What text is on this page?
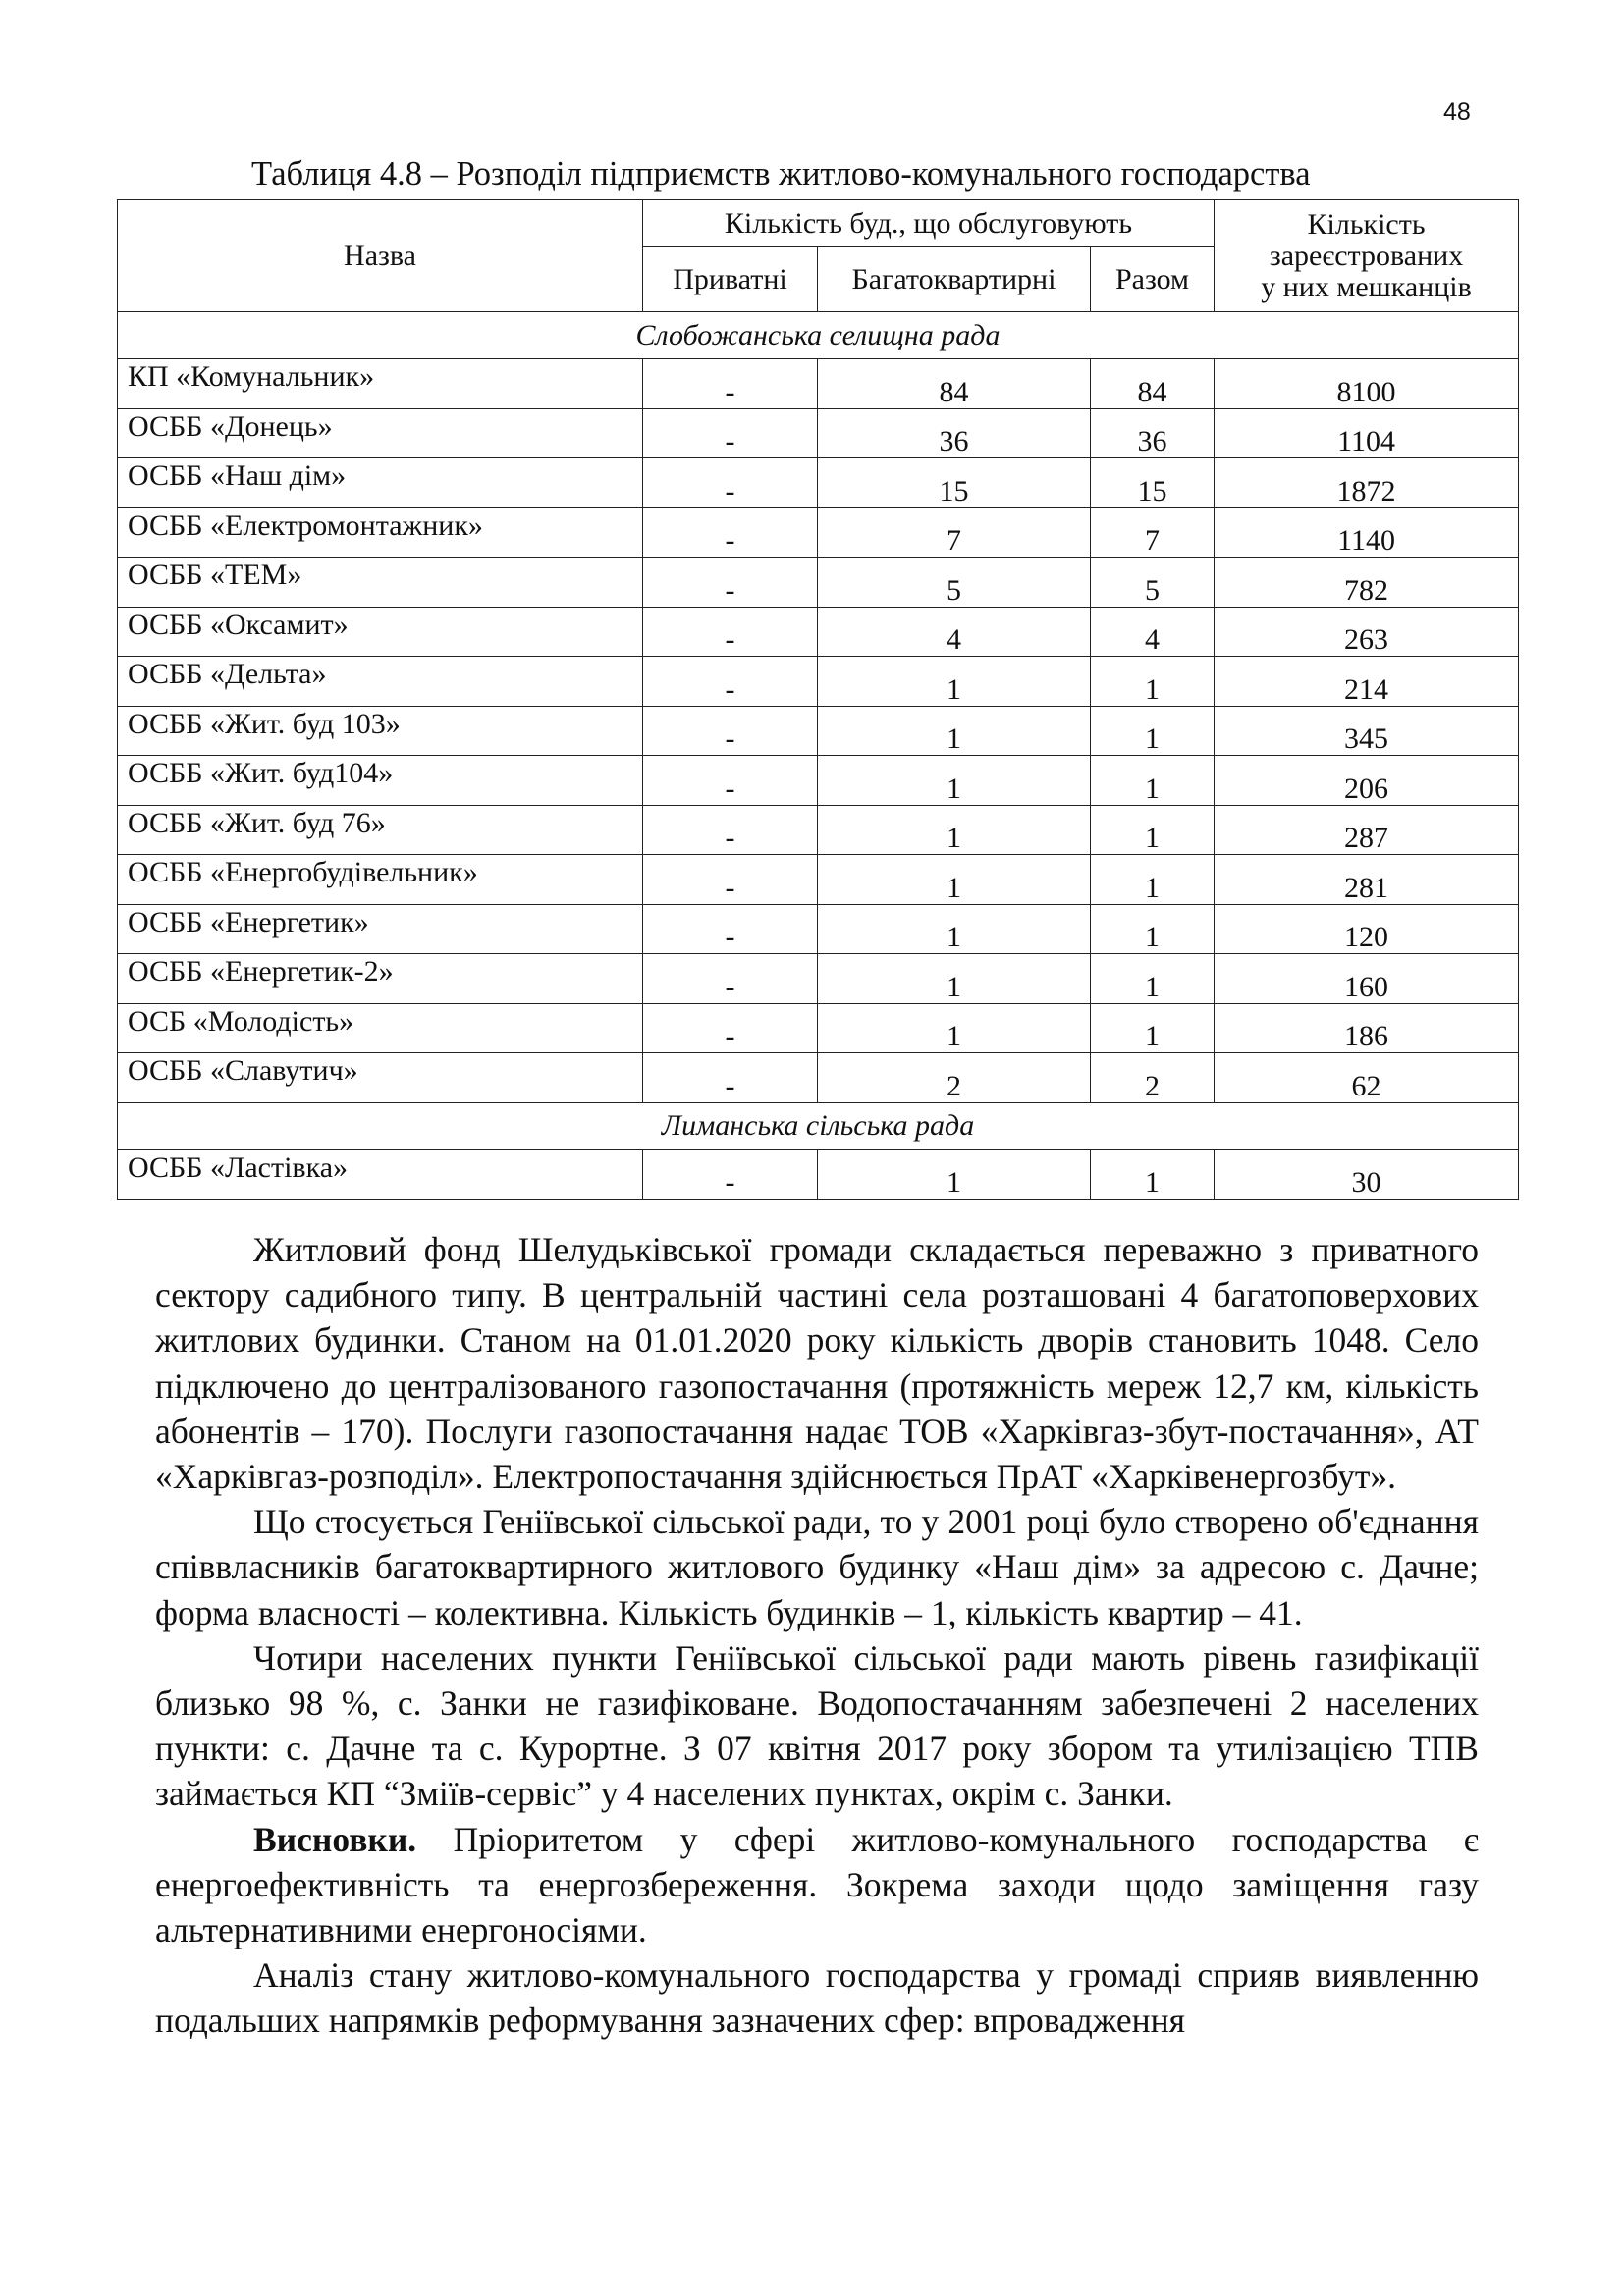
48
Таблиця 4.8 – Розподіл підприємств житлово-комунального господарства
Назва	Кількість буд., що обслуговують			Кількість
зареєстрованих
у них мешканців

	Приватні	Багатоквартирні	Разом	
Слобожанська селищна рада				
КП «Комунальник»	-	84	84	8100
ОСББ «Донець»	-	36	36	1104
ОСББ «Наш дім»	-	15	15	1872
ОСББ «Електромонтажник»	-	7	7	1140
ОСББ «ТЕМ»	-	5	5	782
ОСББ «Оксамит»	-	4	4	263
ОСББ «Дельта»	-	1	1	214
ОСББ «Жит. буд 103»	-	1	1	345
ОСББ «Жит. буд104»	-	1	1	206
ОСББ «Жит. буд 76»	-	1	1	287
ОСББ «Енергобудівельник»	-	1	1	281
ОСББ «Енергетик»	-	1	1	120
ОСББ «Енергетик-2»	-	1	1	160
ОСБ «Молодість»	-	1	1	186
ОСББ «Славутич»	-	2	2	62
Лиманська сільська рада				
ОСББ «Ластівка»	-	1	1	30

Житловий фонд Шелудьківської громади складається переважно з приватного сектору садибного типу. В центральній частині села розташовані 4 багатоповерхових житлових будинки. Станом на 01.01.2020 року кількість дворів становить 1048. Село підключено до централізованого газопостачання (протяжність мереж 12,7 км, кількість абонентів – 170). Послуги газопостачання надає ТОВ «Харківгаз-збут-постачання», АТ «Харківгаз-розподіл». Електропостачання здійснюється ПрАТ «Харківенергозбут».

Що стосується Геніївської сільської ради, то у 2001 році було створено об'єднання співвласників багатоквартирного житлового будинку «Наш дім» за адресою с. Дачне; форма власності – колективна. Кількість будинків – 1, кількість квартир – 41.

Чотири населених пункти Геніївської сільської ради мають рівень газифікації близько 98 %, с. Занки не газифіковане. Водопостачанням забезпечені 2 населених пункти: с. Дачне та с. Курортне. З 07 квітня 2017 року збором та утилізацією ТПВ займається КП “Зміїв-сервіс” у 4 населених пунктах, окрім с. Занки.

Висновки. Пріоритетом у сфері житлово-комунального господарства є енергоефективність та енергозбереження. Зокрема заходи щодо заміщення газу альтернативними енергоносіями.

Аналіз стану житлово-комунального господарства у громаді сприяв виявленню подальших напрямків реформування зазначених сфер: впровадження
